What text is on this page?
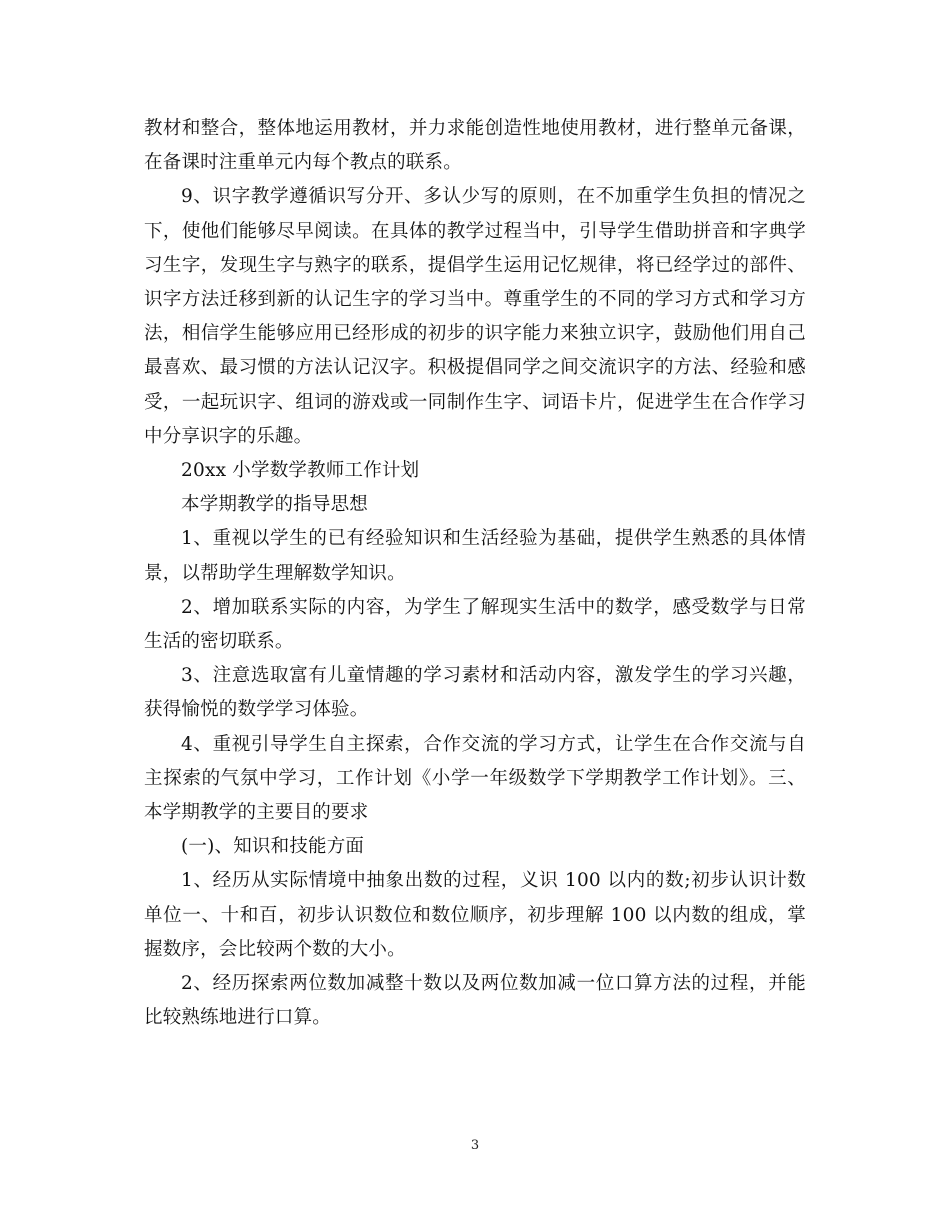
教材和整合，整体地运用教材，并力求能创造性地使用教材，进行整单元备课，在备课时注重单元内每个教点的联系。

9、识字教学遵循识写分开、多认少写的原则，在不加重学生负担的情况之下，使他们能够尽早阅读。在具体的教学过程当中，引导学生借助拼音和字典学习生字，发现生字与熟字的联系，提倡学生运用记忆规律，将已经学过的部件、识字方法迁移到新的认记生字的学习当中。尊重学生的不同的学习方式和学习方法，相信学生能够应用已经形成的初步的识字能力来独立识字，鼓励他们用自己最喜欢、最习惯的方法认记汉字。积极提倡同学之间交流识字的方法、经验和感受，一起玩识字、组词的游戏或一同制作生字、词语卡片，促进学生在合作学习中分享识字的乐趣。

20xx 小学数学教师工作计划

本学期教学的指导思想

1、重视以学生的已有经验知识和生活经验为基础，提供学生熟悉的具体情景，以帮助学生理解数学知识。

2、增加联系实际的内容，为学生了解现实生活中的数学，感受数学与日常生活的密切联系。

3、注意选取富有儿童情趣的学习素材和活动内容，激发学生的学习兴趣，获得愉悦的数学学习体验。

4、重视引导学生自主探索，合作交流的学习方式，让学生在合作交流与自主探索的气氛中学习，工作计划《小学一年级数学下学期教学工作计划》。三、本学期教学的主要目的要求

(一)、知识和技能方面

1、经历从实际情境中抽象出数的过程，义识 100 以内的数;初步认识计数单位一、十和百，初步认识数位和数位顺序，初步理解 100 以内数的组成，掌握数序，会比较两个数的大小。

2、经历探索两位数加减整十数以及两位数加减一位口算方法的过程，并能比较熟练地进行口算。

3
